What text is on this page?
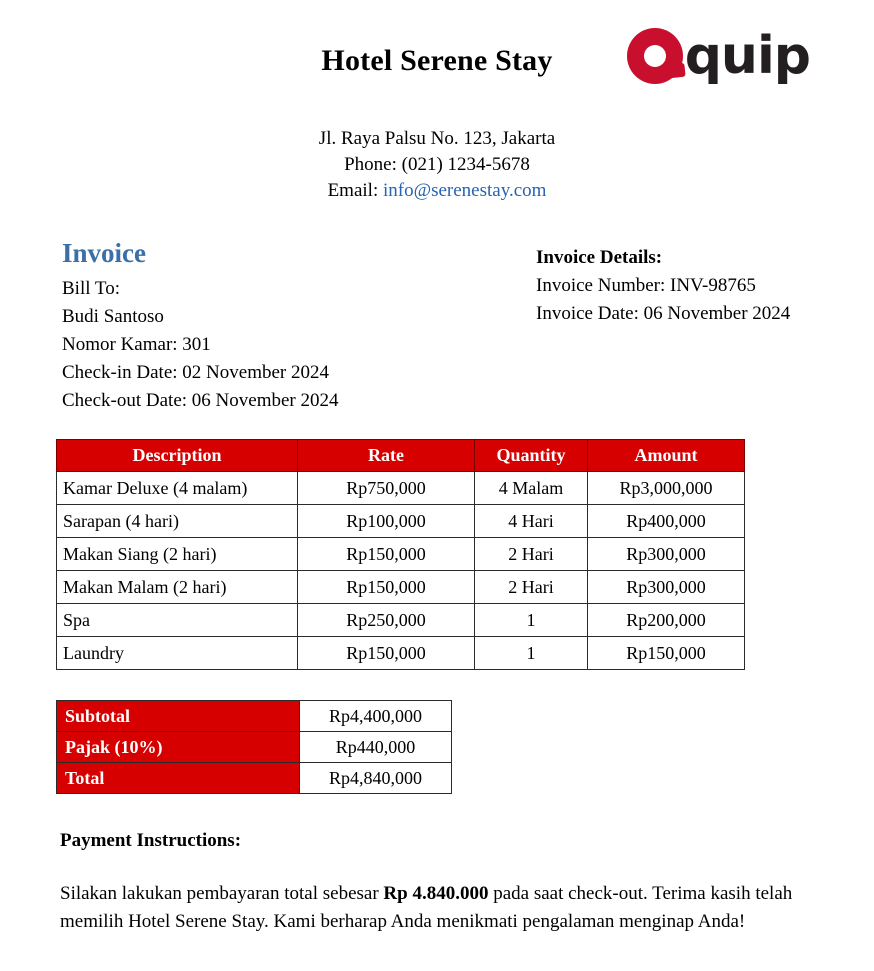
Hotel Serene Stay	quip
Jl. Raya Palsu No. 123, Jakarta
Phone: (021) 1234-5678
Email: info@serenestay.com
Invoice
Bill To:
Budi Santoso
Nomor Kamar: 301
Check-in Date: 02 November 2024
Check-out Date: 06 November 2024
Invoice Details:
Invoice Number: INV-98765
Invoice Date: 06 November 2024
Description	Rate	Quantity	Amount
Kamar Deluxe (4 malam)	Rp750,000	4 Malam	Rp3,000,000
Sarapan (4 hari)	Rp100,000	4 Hari	Rp400,000
Makan Siang (2 hari)	Rp150,000	2 Hari	Rp300,000
Makan Malam (2 hari)	Rp150,000	2 Hari	Rp300,000
Spa	Rp250,000	1	Rp200,000
Laundry	Rp150,000	1	Rp150,000
Subtotal	Rp4,400,000
Pajak (10%)	Rp440,000
Total	Rp4,840,000
Payment Instructions:
Silakan lakukan pembayaran total sebesar Rp 4.840.000 pada saat check-out. Terima kasih telah memilih Hotel Serene Stay. Kami berharap Anda menikmati pengalaman menginap Anda!
